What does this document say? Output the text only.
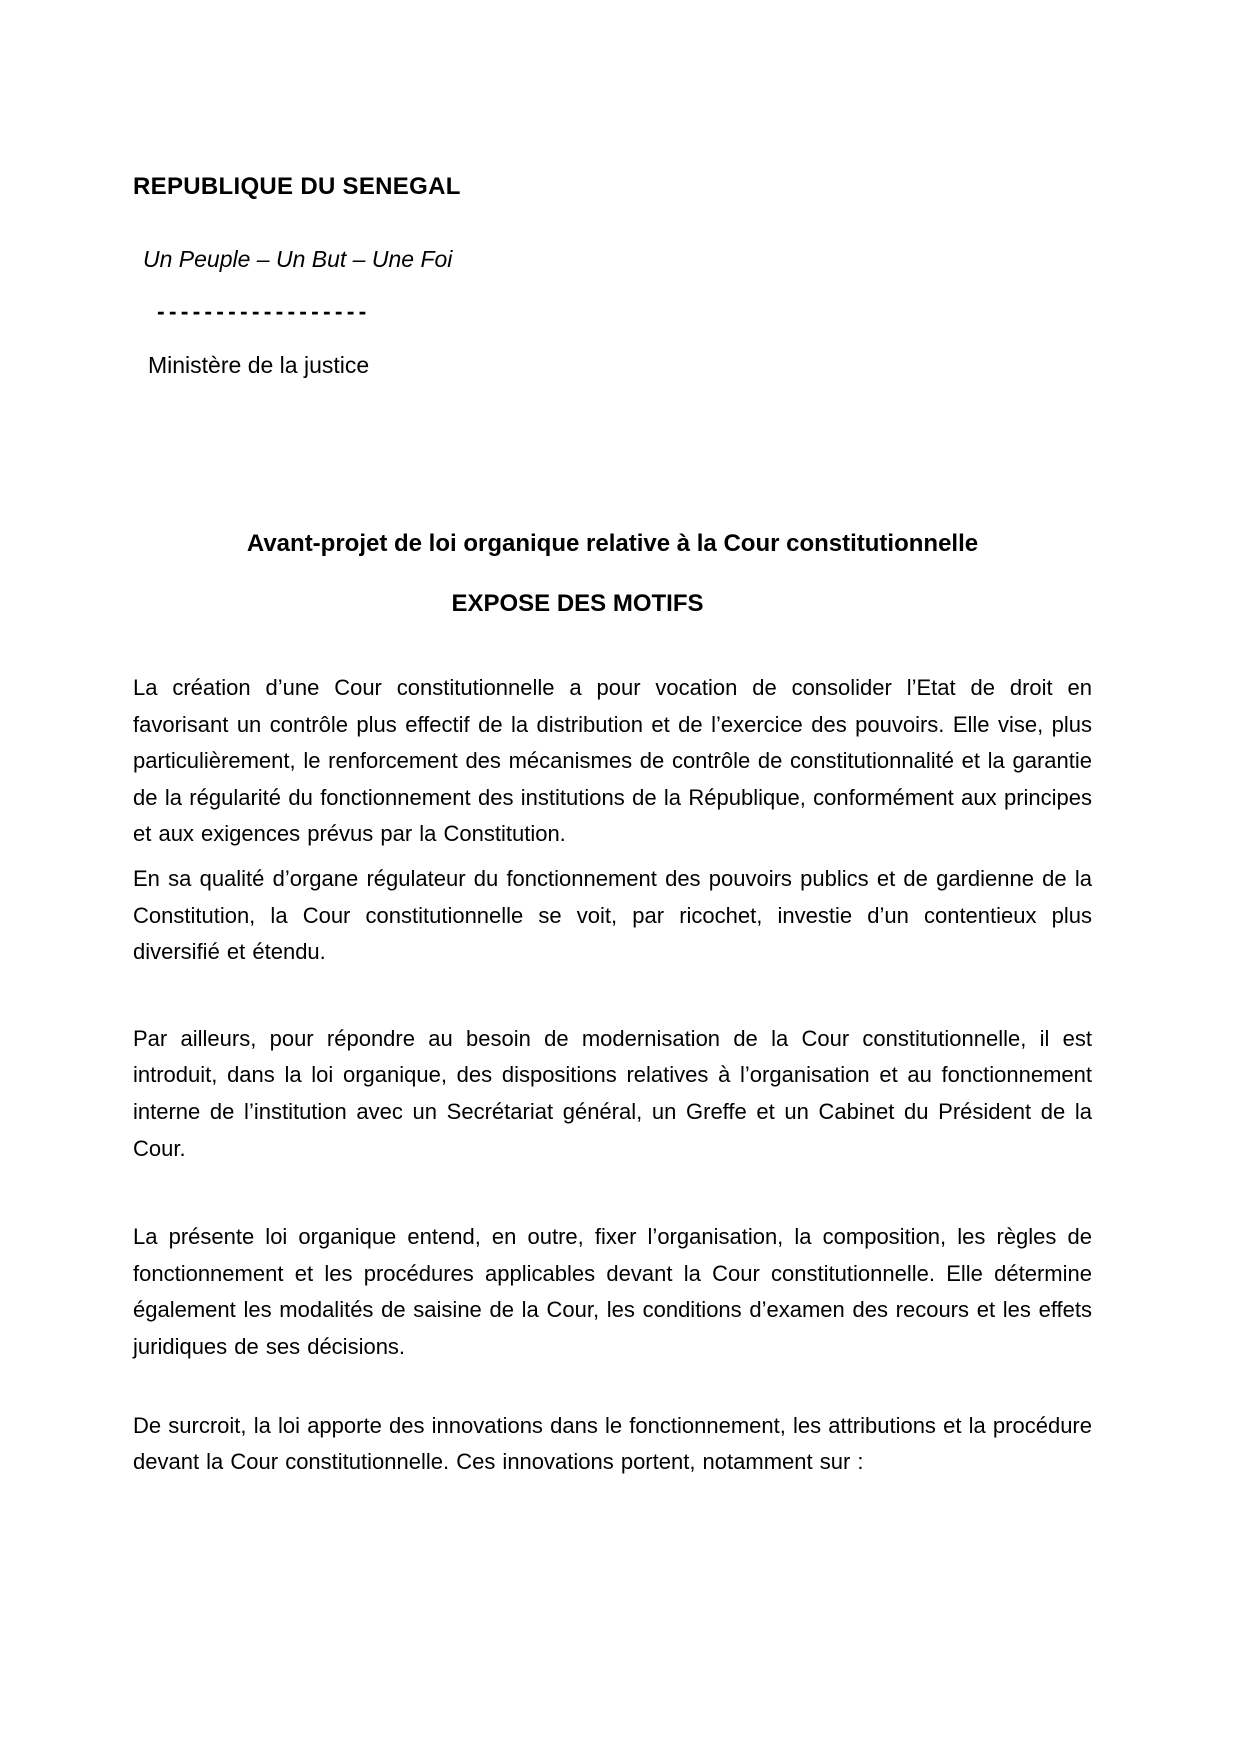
REPUBLIQUE DU SENEGAL
Un Peuple – Un But – Une Foi
------------------
Ministère de la justice
Avant-projet de loi organique relative à la Cour constitutionnelle
EXPOSE DES MOTIFS

La création d’une Cour constitutionnelle a pour vocation de consolider l’Etat de droit en favorisant un contrôle plus effectif de la distribution et de l’exercice des pouvoirs. Elle vise, plus particulièrement, le renforcement des mécanismes de contrôle de constitutionnalité et la garantie de la régularité du fonctionnement des institutions de la République, conformément aux principes et aux exigences prévus par la Constitution.

En sa qualité d’organe régulateur du fonctionnement des pouvoirs publics et de gardienne de la Constitution, la Cour constitutionnelle se voit, par ricochet, investie d’un contentieux plus diversifié et étendu.

Par ailleurs, pour répondre au besoin de modernisation de la Cour constitutionnelle, il est introduit, dans la loi organique, des dispositions relatives à l’organisation et au fonctionnement interne de l’institution avec un Secrétariat général, un Greffe et un Cabinet du Président de la Cour.

La présente loi organique entend, en outre, fixer l’organisation, la composition, les règles de fonctionnement et les procédures applicables devant la Cour constitutionnelle. Elle détermine également les modalités de saisine de la Cour, les conditions d’examen des recours et les effets juridiques de ses décisions.

De surcroit, la loi apporte des innovations dans le fonctionnement, les attributions et la procédure devant la Cour constitutionnelle. Ces innovations portent, notamment sur :
